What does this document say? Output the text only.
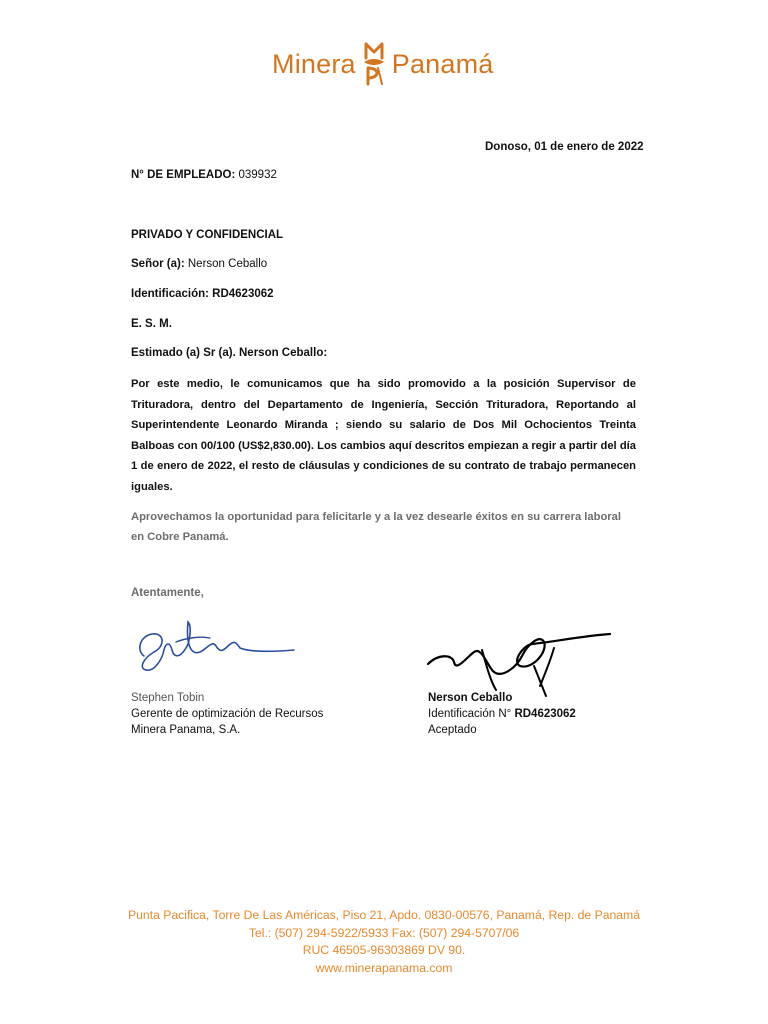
Minera Panamá
Donoso, 01 de enero de 2022
N° DE EMPLEADO: 039932
PRIVADO Y CONFIDENCIAL
Señor (a): Nerson Ceballo
Identificación: RD4623062
E. S. M.
Estimado (a) Sr (a). Nerson Ceballo:
Por este medio, le comunicamos que ha sido promovido a la posición Supervisor de Trituradora, dentro del Departamento de Ingeniería, Sección Trituradora, Reportando al Superintendente Leonardo Miranda ; siendo su salario de Dos Mil Ochocientos Treinta Balboas con 00/100 (US$2,830.00). Los cambios aquí descritos empiezan a regir a partir del día 1 de enero de 2022, el resto de cláusulas y condiciones de su contrato de trabajo permanecen iguales.
Aprovechamos la oportunidad para felicitarle y a la vez desearle éxitos en su carrera laboral en Cobre Panamá.
Atentamente,
Stephen Tobin
Gerente de optimización de Recursos
Minera Panama, S.A.
Nerson Ceballo
Identificación N° RD4623062
Aceptado
Punta Pacifica, Torre De Las Américas, Piso 21, Apdo. 0830-00576, Panamá, Rep. de Panamá
Tel.: (507) 294-5922/5933 Fax: (507) 294-5707/06
RUC 46505-96303869 DV 90.
www.minerapanama.com
